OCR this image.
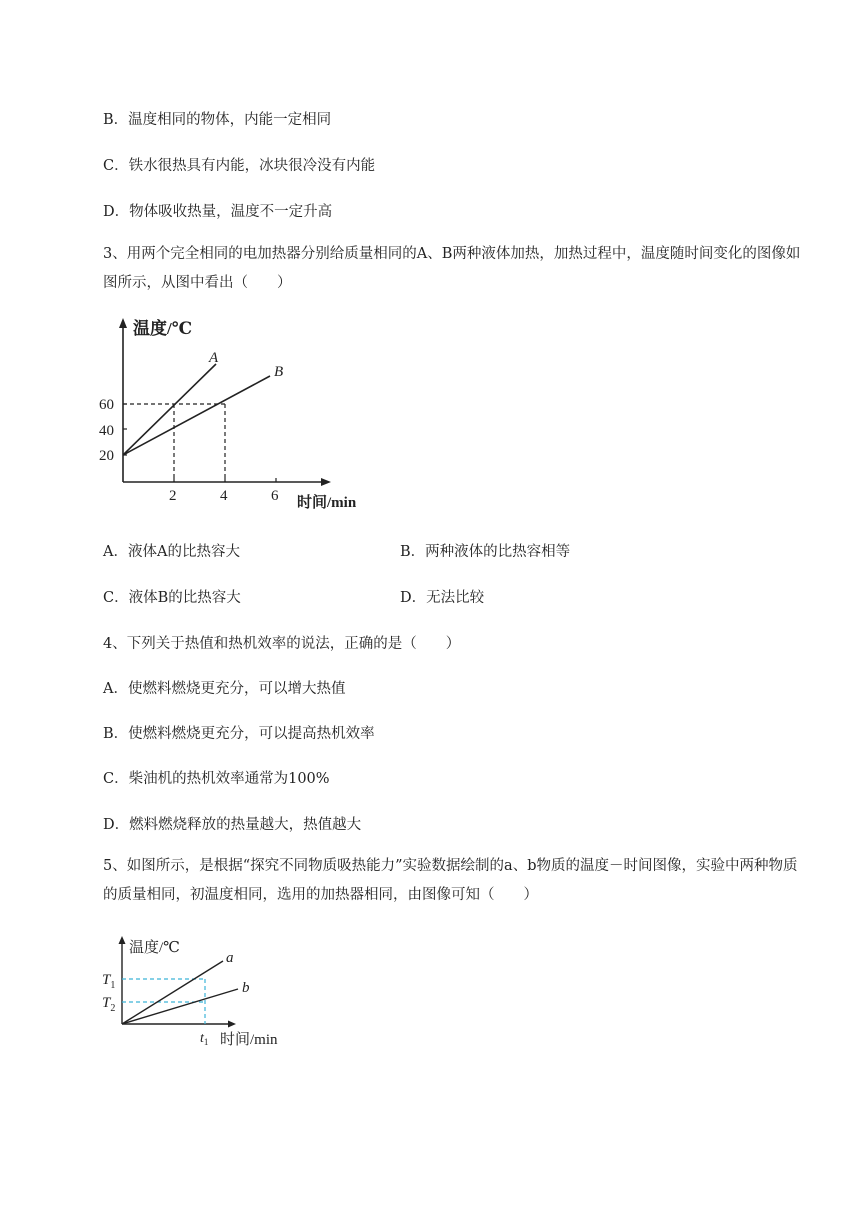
B．温度相同的物体，内能一定相同
C．铁水很热具有内能，冰块很冷没有内能
D．物体吸收热量，温度不一定升高
3、用两个完全相同的电加热器分别给质量相同的A、B两种液体加热，加热过程中，温度随时间变化的图像如图所示，从图中看出（　　）
温度/℃
A
B
60
40
20
2	4	6 时间/min
A．液体A的比热容大	B．两种液体的比热容相等
C．液体B的比热容大	D．无法比较
4、下列关于热值和热机效率的说法，正确的是（　　）
A．使燃料燃烧更充分，可以增大热值
B．使燃料燃烧更充分，可以提高热机效率
C．柴油机的热机效率通常为100%
D．燃料燃烧释放的热量越大，热值越大
5、如图所示，是根据“探究不同物质吸热能力”实验数据绘制的a、b物质的温度－时间图像，实验中两种物质的质量相同，初温度相同，选用的加热器相同，由图像可知（　　）
温度/℃
a
b
$T_1$
$T_2$
$t_1$ 时间/min
